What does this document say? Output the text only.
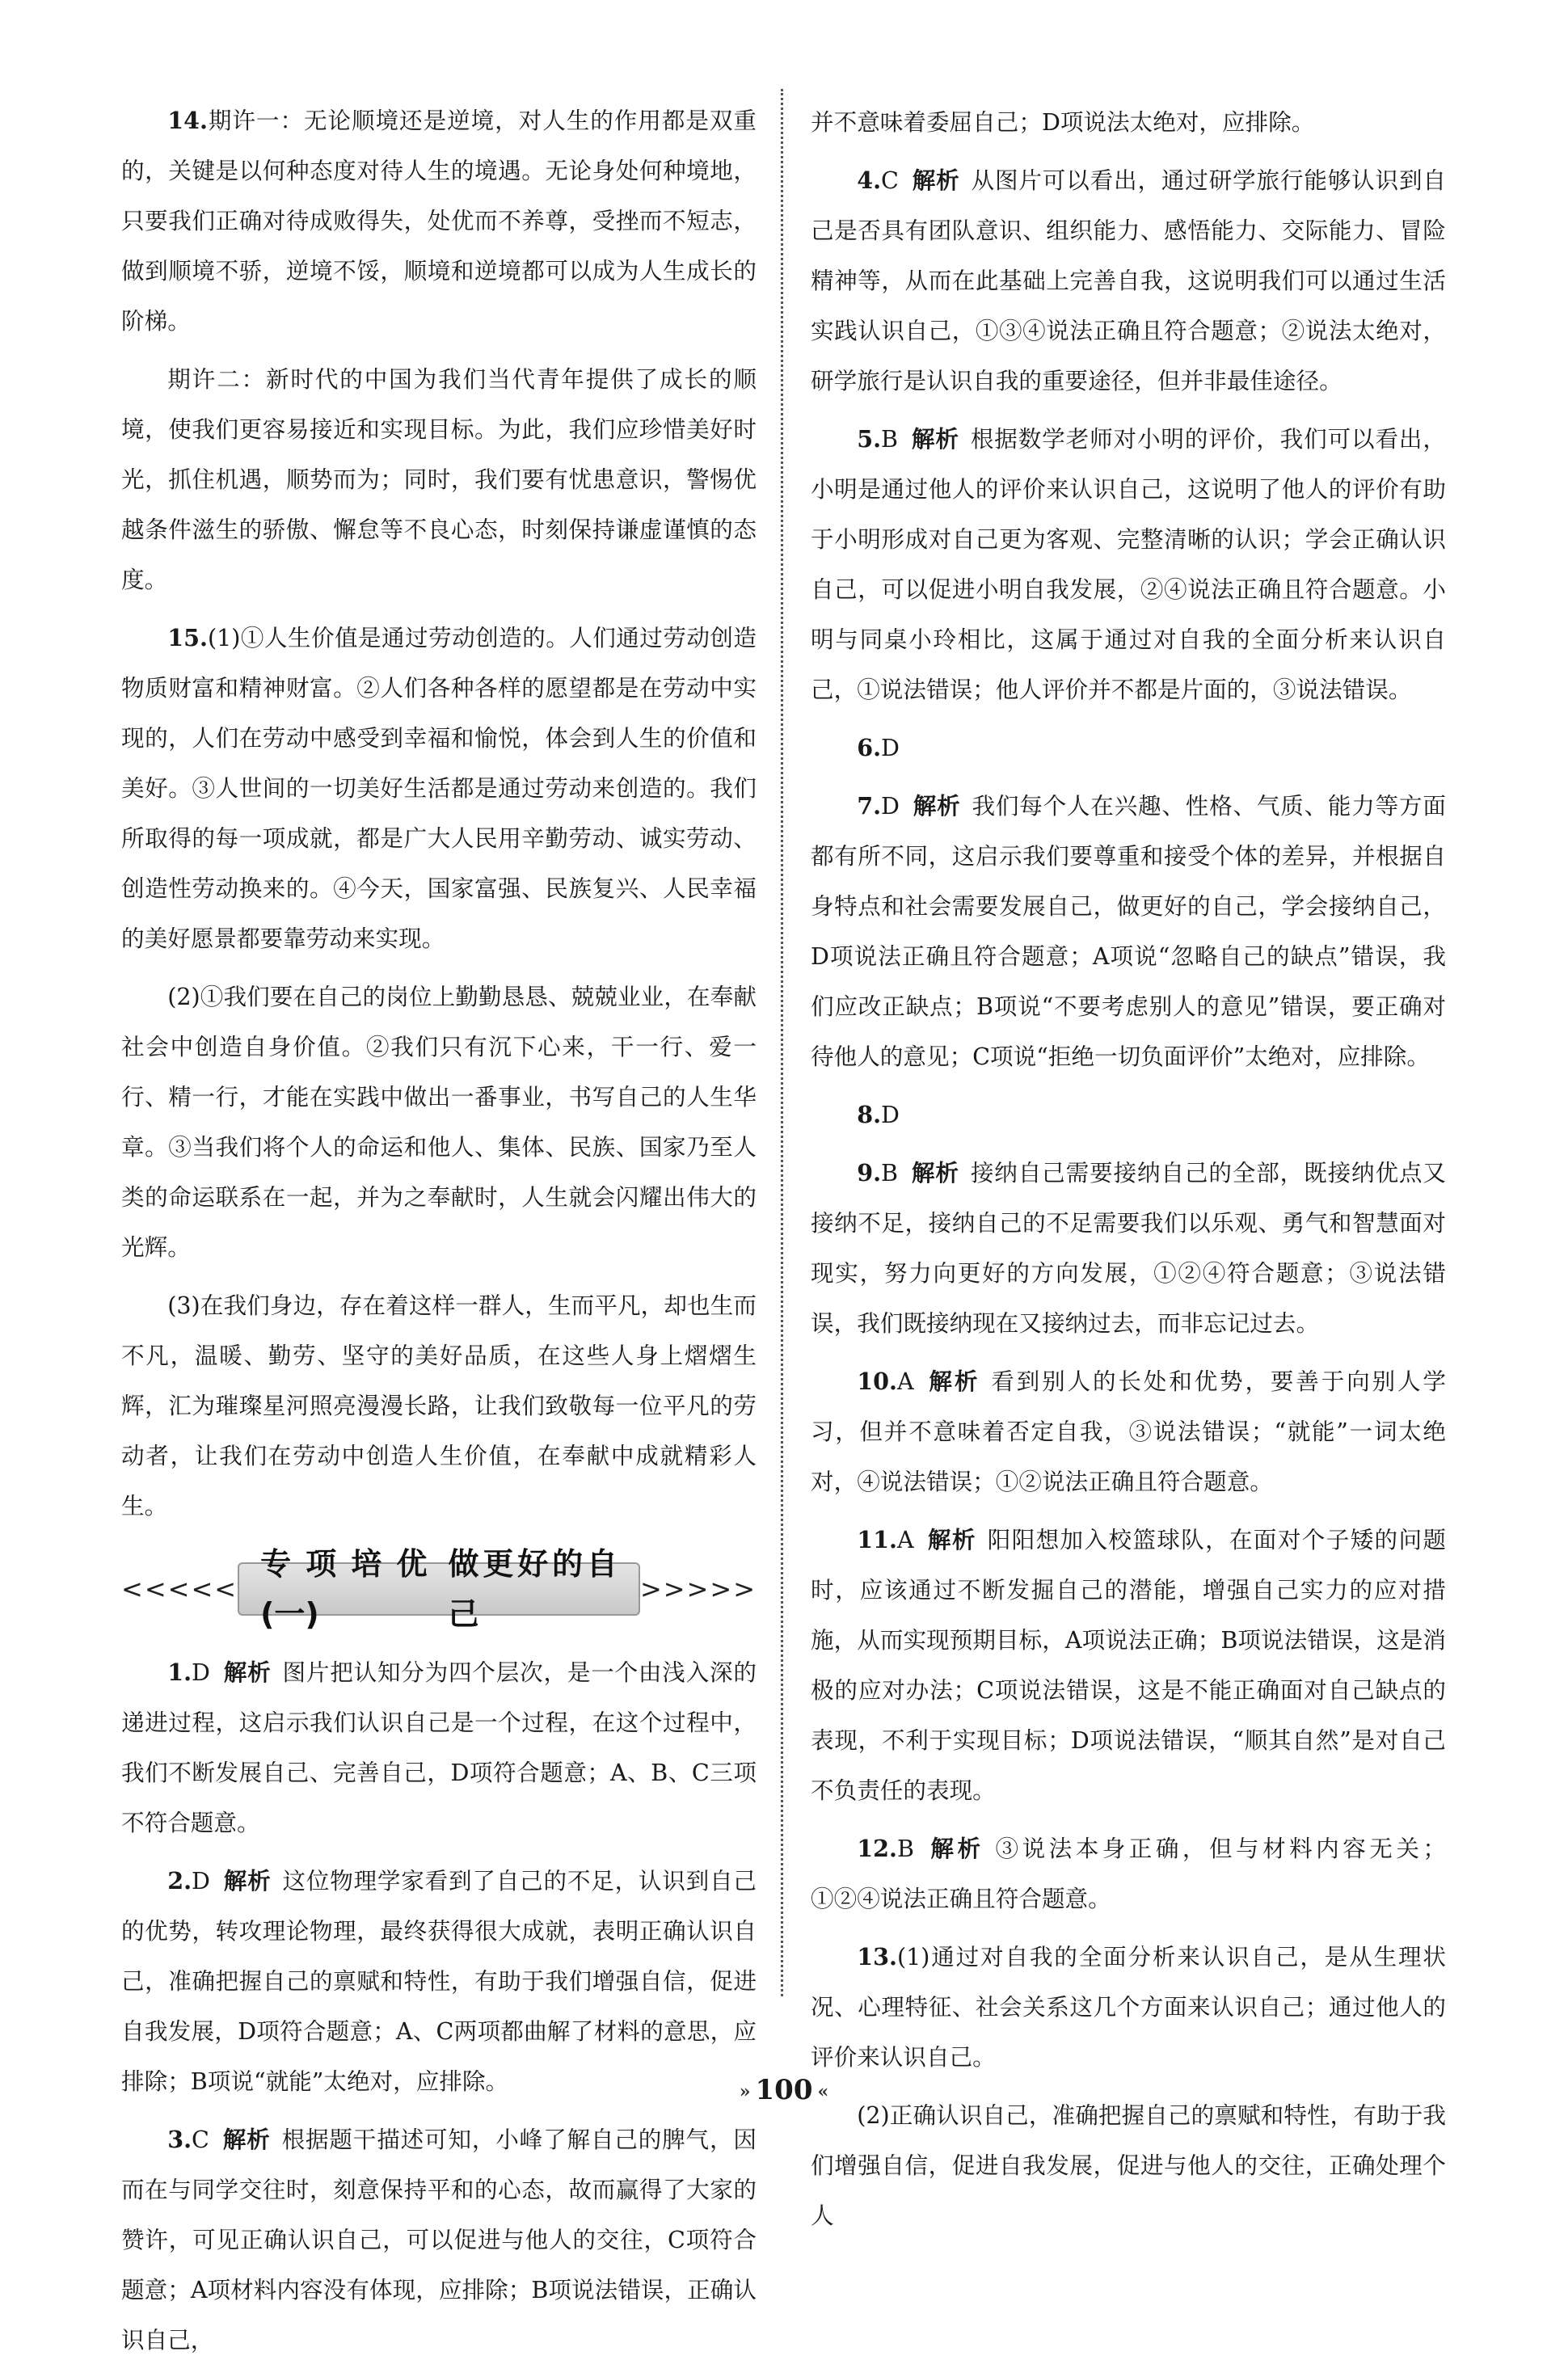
14.期许一：无论顺境还是逆境，对人生的作用都是双重的，关键是以何种态度对待人生的境遇。无论身处何种境地，只要我们正确对待成败得失，处优而不养尊，受挫而不短志，做到顺境不骄，逆境不馁，顺境和逆境都可以成为人生成长的阶梯。

期许二：新时代的中国为我们当代青年提供了成长的顺境，使我们更容易接近和实现目标。为此，我们应珍惜美好时光，抓住机遇，顺势而为；同时，我们要有忧患意识，警惕优越条件滋生的骄傲、懈怠等不良心态，时刻保持谦虚谨慎的态度。

15.(1)①人生价值是通过劳动创造的。人们通过劳动创造物质财富和精神财富。②人们各种各样的愿望都是在劳动中实现的，人们在劳动中感受到幸福和愉悦，体会到人生的价值和美好。③人世间的一切美好生活都是通过劳动来创造的。我们所取得的每一项成就，都是广大人民用辛勤劳动、诚实劳动、创造性劳动换来的。④今天，国家富强、民族复兴、人民幸福的美好愿景都要靠劳动来实现。

(2)①我们要在自己的岗位上勤勤恳恳、兢兢业业，在奉献社会中创造自身价值。②我们只有沉下心来，干一行、爱一行、精一行，才能在实践中做出一番事业，书写自己的人生华章。③当我们将个人的命运和他人、集体、民族、国家乃至人类的命运联系在一起，并为之奉献时，人生就会闪耀出伟大的光辉。

(3)在我们身边，存在着这样一群人，生而平凡，却也生而不凡，温暖、勤劳、坚守的美好品质，在这些人身上熠熠生辉，汇为璀璨星河照亮漫漫长路，让我们致敬每一位平凡的劳动者，让我们在劳动中创造人生价值，在奉献中成就精彩人生。

<<<<<
专项培优(一)
做更好的自己
>>>>>

1.D 解析 图片把认知分为四个层次，是一个由浅入深的递进过程，这启示我们认识自己是一个过程，在这个过程中，我们不断发展自己、完善自己，D项符合题意；A、B、C三项不符合题意。

2.D 解析 这位物理学家看到了自己的不足，认识到自己的优势，转攻理论物理，最终获得很大成就，表明正确认识自己，准确把握自己的禀赋和特性，有助于我们增强自信，促进自我发展，D项符合题意；A、C两项都曲解了材料的意思，应排除；B项说“就能”太绝对，应排除。

3.C 解析 根据题干描述可知，小峰了解自己的脾气，因而在与同学交往时，刻意保持平和的心态，故而赢得了大家的赞许，可见正确认识自己，可以促进与他人的交往，C项符合题意；A项材料内容没有体现，应排除；B项说法错误，正确认识自己，

并不意味着委屈自己；D项说法太绝对，应排除。

4.C 解析 从图片可以看出，通过研学旅行能够认识到自己是否具有团队意识、组织能力、感悟能力、交际能力、冒险精神等，从而在此基础上完善自我，这说明我们可以通过生活实践认识自己，①③④说法正确且符合题意；②说法太绝对，研学旅行是认识自我的重要途径，但并非最佳途径。

5.B 解析 根据数学老师对小明的评价，我们可以看出，小明是通过他人的评价来认识自己，这说明了他人的评价有助于小明形成对自己更为客观、完整清晰的认识；学会正确认识自己，可以促进小明自我发展，②④说法正确且符合题意。小明与同桌小玲相比，这属于通过对自我的全面分析来认识自己，①说法错误；他人评价并不都是片面的，③说法错误。

6.D

7.D 解析 我们每个人在兴趣、性格、气质、能力等方面都有所不同，这启示我们要尊重和接受个体的差异，并根据自身特点和社会需要发展自己，做更好的自己，学会接纳自己，D项说法正确且符合题意；A项说“忽略自己的缺点”错误，我们应改正缺点；B项说“不要考虑别人的意见”错误，要正确对待他人的意见；C项说“拒绝一切负面评价”太绝对，应排除。

8.D

9.B 解析 接纳自己需要接纳自己的全部，既接纳优点又接纳不足，接纳自己的不足需要我们以乐观、勇气和智慧面对现实，努力向更好的方向发展，①②④符合题意；③说法错误，我们既接纳现在又接纳过去，而非忘记过去。

10.A 解析 看到别人的长处和优势，要善于向别人学习，但并不意味着否定自我，③说法错误；“就能”一词太绝对，④说法错误；①②说法正确且符合题意。

11.A 解析 阳阳想加入校篮球队，在面对个子矮的问题时，应该通过不断发掘自己的潜能，增强自己实力的应对措施，从而实现预期目标，A项说法正确；B项说法错误，这是消极的应对办法；C项说法错误，这是不能正确面对自己缺点的表现，不利于实现目标；D项说法错误，“顺其自然”是对自己不负责任的表现。

12.B 解析 ③说法本身正确，但与材料内容无关；①②④说法正确且符合题意。

13.(1)通过对自我的全面分析来认识自己，是从生理状况、心理特征、社会关系这几个方面来认识自己；通过他人的评价来认识自己。

(2)正确认识自己，准确把握自己的禀赋和特性，有助于我们增强自信，促进自我发展，促进与他人的交往，正确处理个人

» 100 «
